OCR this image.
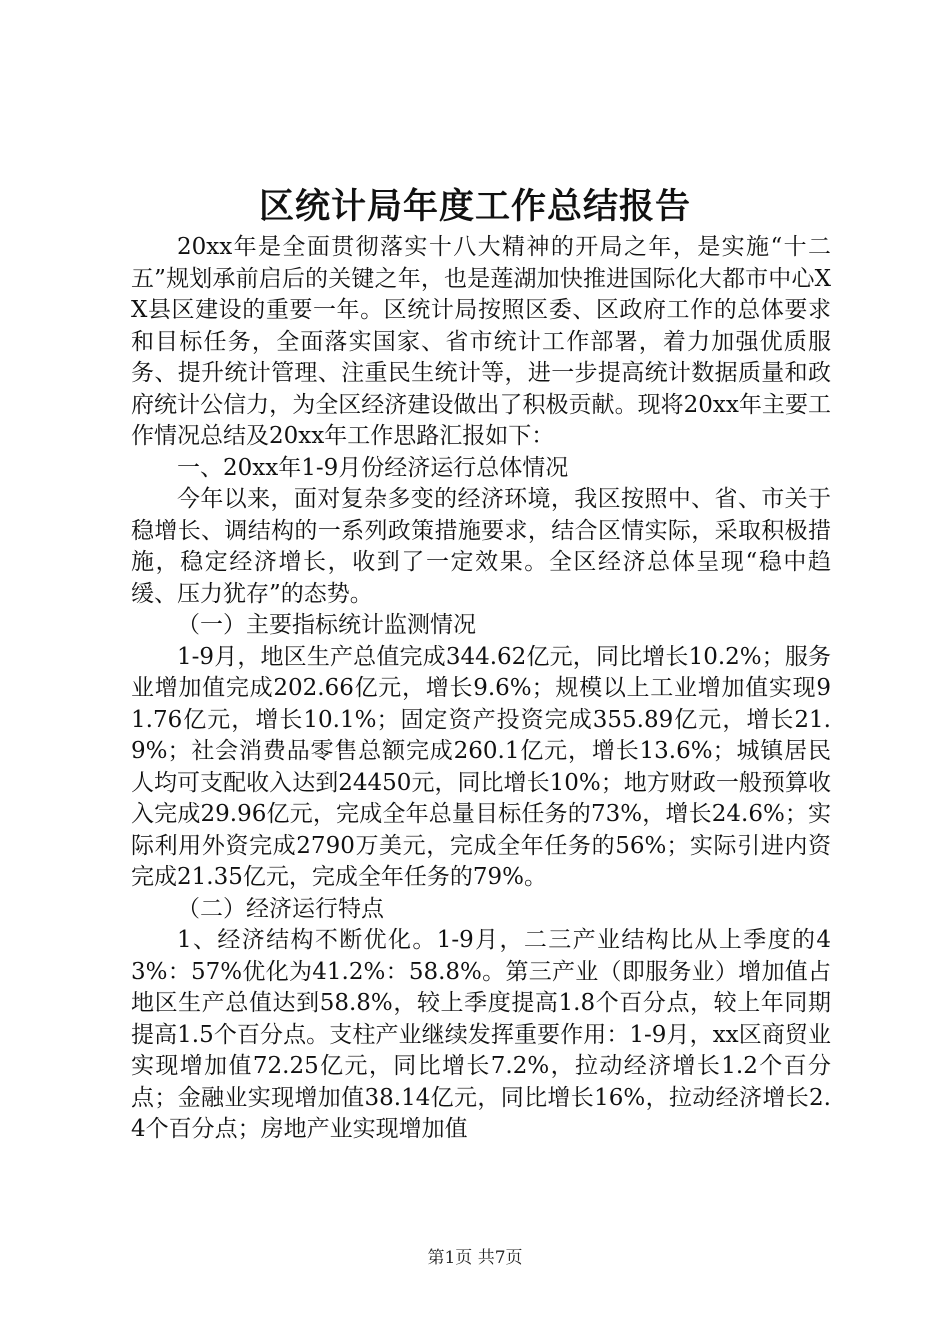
区统计局年度工作总结报告

20xx年是全面贯彻落实十八大精神的开局之年，是实施“十二五”规划承前启后的关键之年，也是莲湖加快推进国际化大都市中心XX县区建设的重要一年。区统计局按照区委、区政府工作的总体要求和目标任务，全面落实国家、省市统计工作部署，着力加强优质服务、提升统计管理、注重民生统计等，进一步提高统计数据质量和政府统计公信力，为全区经济建设做出了积极贡献。现将20xx年主要工作情况总结及20xx年工作思路汇报如下：

一、20xx年1-9月份经济运行总体情况

今年以来，面对复杂多变的经济环境，我区按照中、省、市关于稳增长、调结构的一系列政策措施要求，结合区情实际，采取积极措施，稳定经济增长，收到了一定效果。全区经济总体呈现“稳中趋缓、压力犹存”的态势。

（一）主要指标统计监测情况

1-9月，地区生产总值完成344.62亿元，同比增长10.2%；服务业增加值完成202.66亿元，增长9.6%；规模以上工业增加值实现91.76亿元，增长10.1%；固定资产投资完成355.89亿元，增长21.9%；社会消费品零售总额完成260.1亿元，增长13.6%；城镇居民人均可支配收入达到24450元，同比增长10%；地方财政一般预算收入完成29.96亿元，完成全年总量目标任务的73%，增长24.6%；实际利用外资完成2790万美元，完成全年任务的56%；实际引进内资完成21.35亿元，完成全年任务的79%。

（二）经济运行特点

1、经济结构不断优化。1-9月，二三产业结构比从上季度的43%：57%优化为41.2%：58.8%。第三产业（即服务业）增加值占地区生产总值达到58.8%，较上季度提高1.8个百分点，较上年同期提高1.5个百分点。支柱产业继续发挥重要作用：1-9月，xx区商贸业实现增加值72.25亿元，同比增长7.2%，拉动经济增长1.2个百分点；金融业实现增加值38.14亿元，同比增长16%，拉动经济增长2.4个百分点；房地产业实现增加值

第1页 共7页
